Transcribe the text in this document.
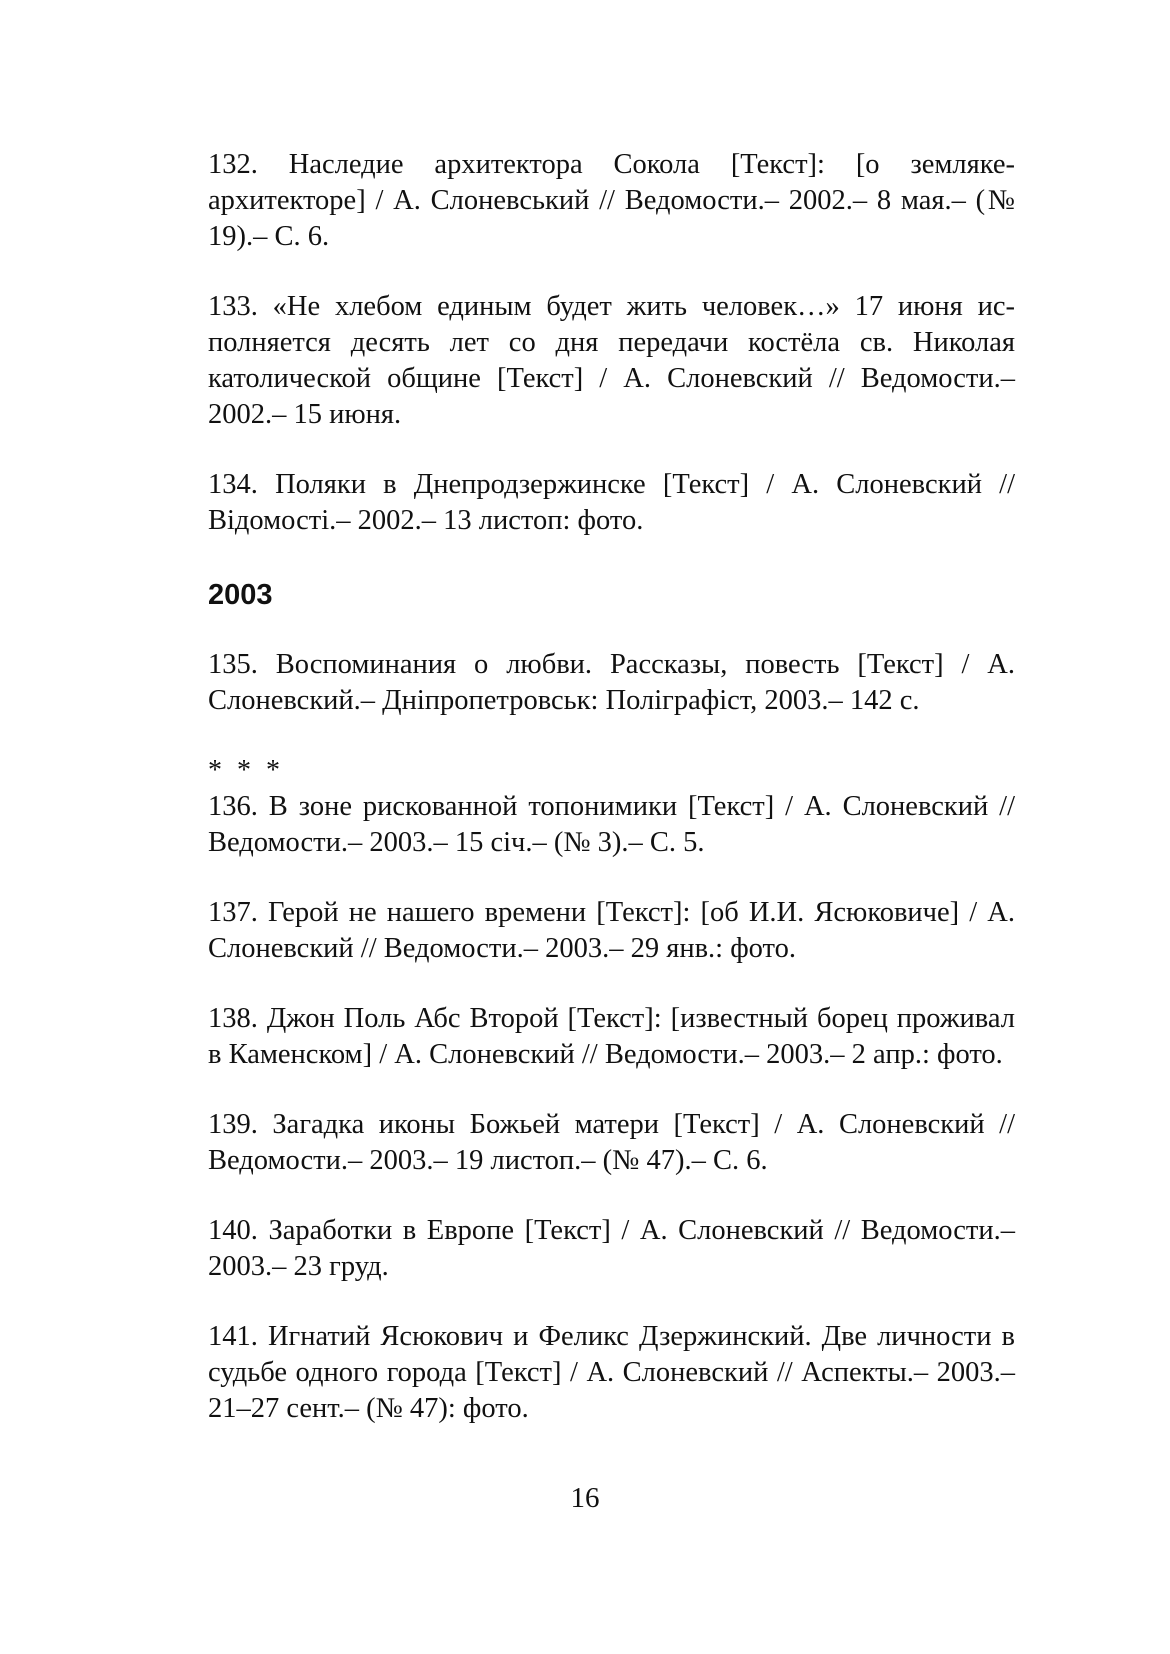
132. Наследие архитектора Сокола [Текст]: [о земляке-архитекторе] / А. Слоневський // Ведомости.– 2002.– 8 мая.– (№ 19).– С. 6.

133. «Не хлебом единым будет жить человек…» 17 июня исполняется десять лет со дня передачи костёла св. Николая католической общине [Текст] / А. Слоневский // Ведомости.– 2002.– 15 июня.

134. Поляки в Днепродзержинске [Текст] / А. Слоневский // Відомості.– 2002.– 13 листоп: фото.

2003

135. Воспоминания о любви. Рассказы, повесть [Текст] / А. Слоневский.– Дніпропетровськ: Поліграфіст, 2003.– 142 с.

* * *

136. В зоне рискованной топонимики [Текст] / А. Слоневский // Ведомости.– 2003.– 15 січ.– (№ 3).– С. 5.

137. Герой не нашего времени [Текст]: [об И.И. Ясюковиче] / А. Слоневский // Ведомости.– 2003.– 29 янв.: фото.

138. Джон Поль Абс Второй [Текст]: [известный борец проживал в Каменском] / А. Слоневский // Ведомости.– 2003.– 2 апр.: фото.

139. Загадка иконы Божьей матери [Текст] / А. Слоневский // Ведомости.– 2003.– 19 листоп.– (№ 47).– С. 6.

140. Заработки в Европе [Текст] / А. Слоневский // Ведомости.– 2003.– 23 груд.

141. Игнатий Ясюкович и Феликс Дзержинский. Две личности в судьбе одного города [Текст] / А. Слоневский // Аспекты.– 2003.– 21–27 сент.– (№ 47): фото.

16
